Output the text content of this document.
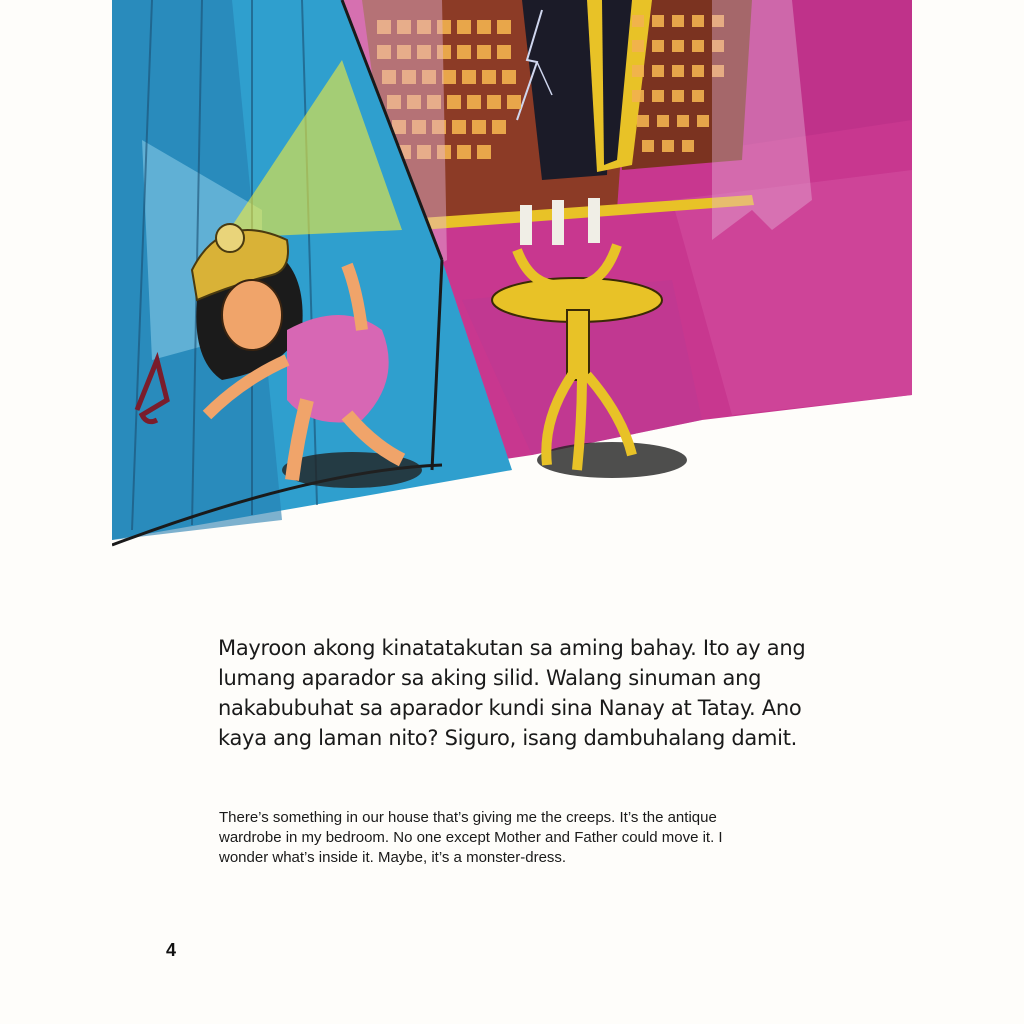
Mayroon akong kinatatakutan sa aming bahay. Ito ay ang
lumang aparador sa aking silid. Walang sinuman ang
nakabubuhat sa aparador kundi sina Nanay at Tatay. Ano
kaya ang laman nito? Siguro, isang dambuhalang damit.

There’s something in our house that’s giving me the creeps. It’s the antique
wardrobe in my bedroom. No one except Mother and Father could move it. I
wonder what’s inside it. Maybe, it’s a monster-dress.

4
